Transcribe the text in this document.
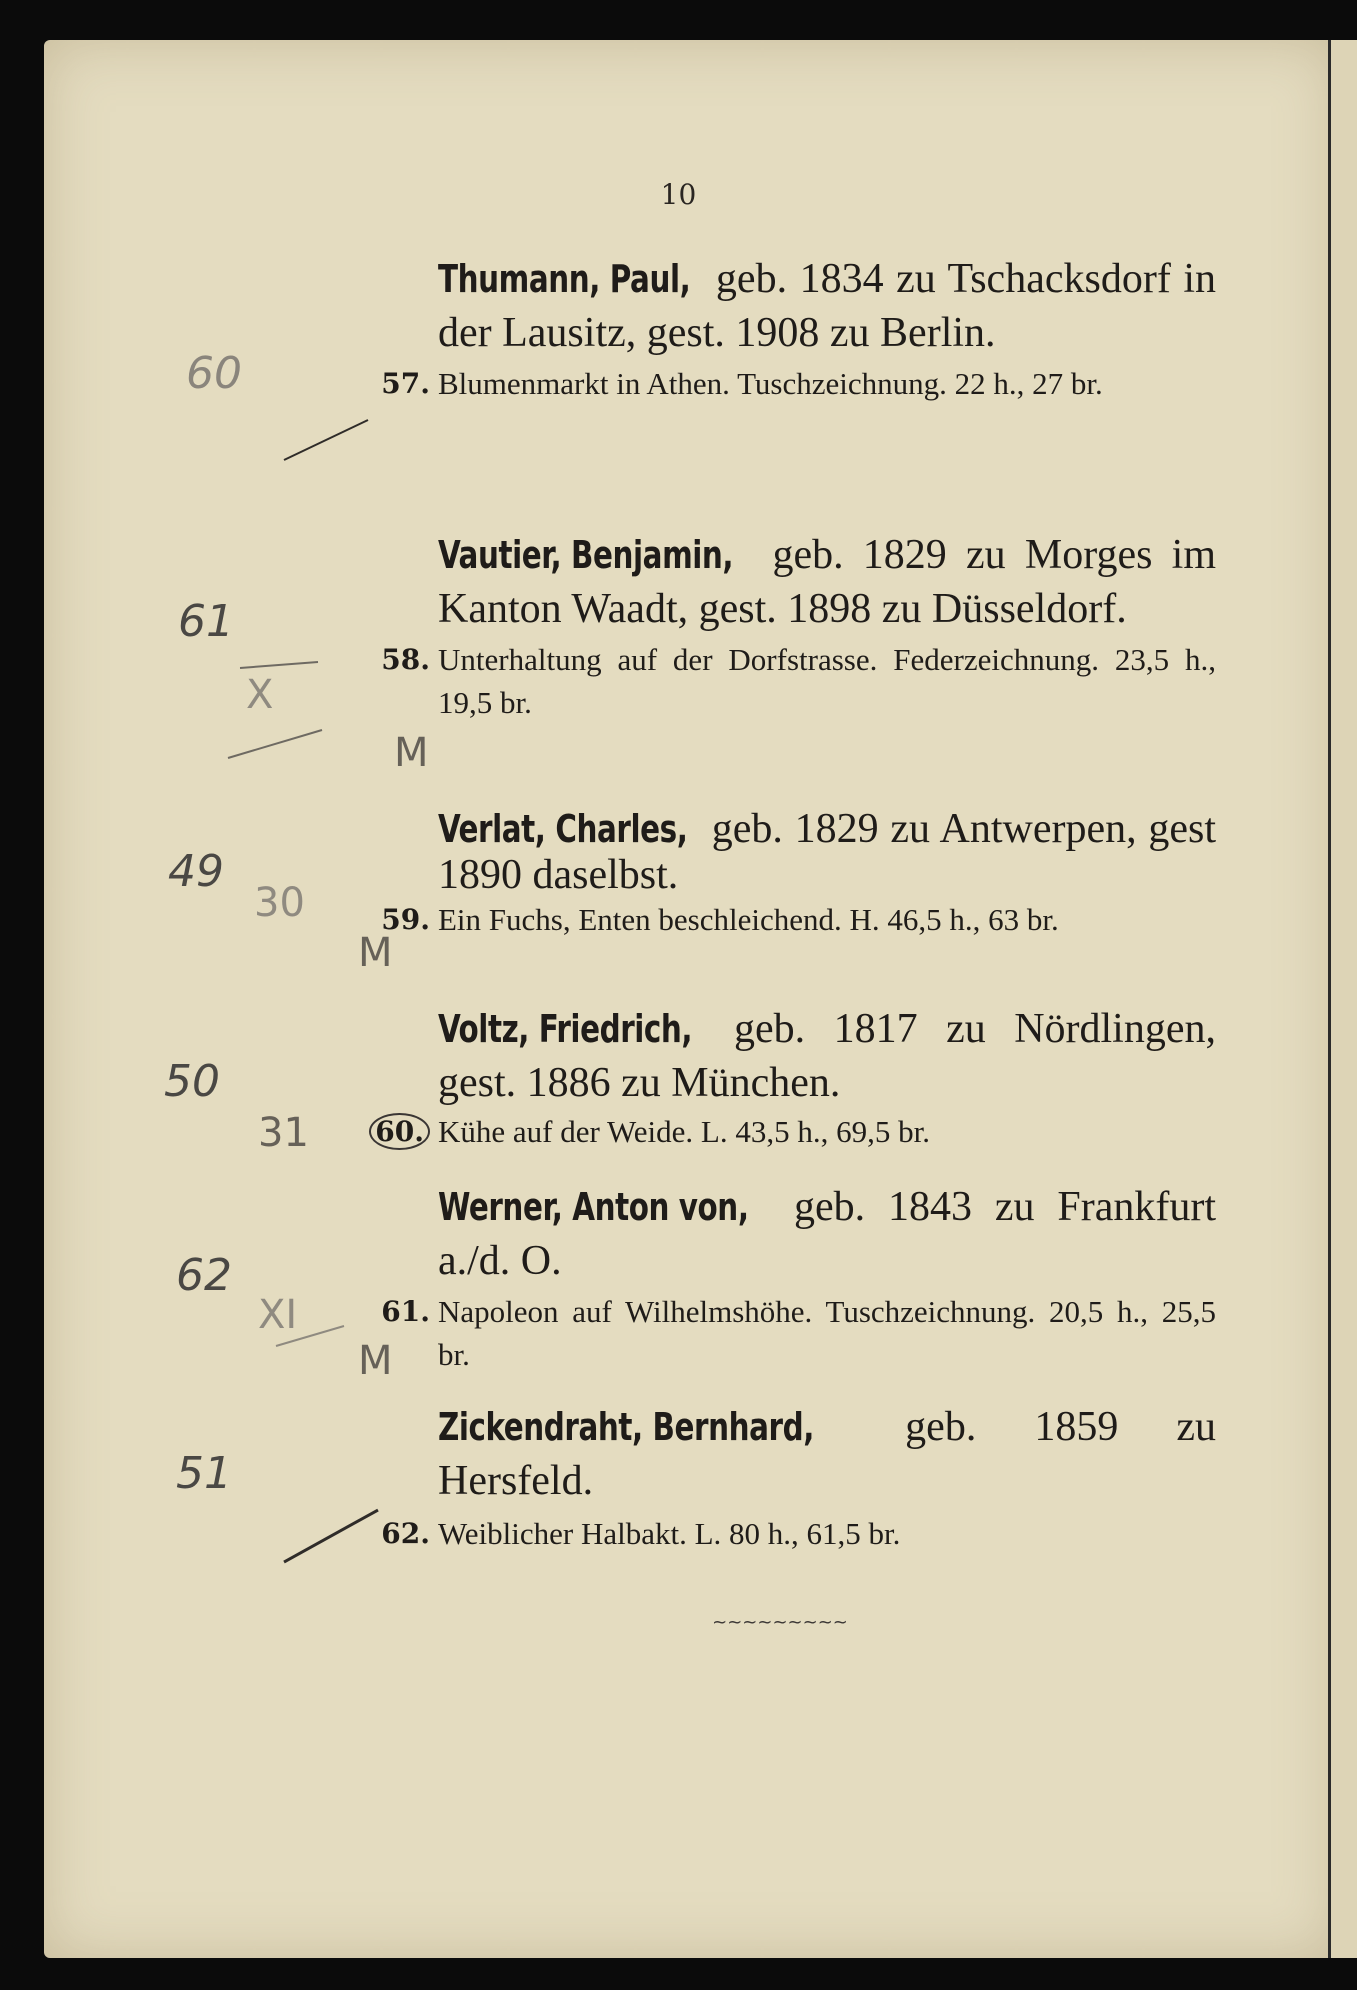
10
Thumann, Paul, geb. 1834 zu Tschacksdorf in der Lausitz, gest. 1908 zu Berlin.
57. Blumenmarkt in Athen. Tuschzeichnung. 22 h., 27 br.
Vautier, Benjamin, geb. 1829 zu Morges im Kanton Waadt, gest. 1898 zu Düsseldorf.
58. Unterhaltung auf der Dorfstrasse. Federzeichnung. 23,5 h., 19,5 br.
Verlat, Charles, geb. 1829 zu Antwerpen, gest 1890 daselbst.
59. Ein Fuchs, Enten beschleichend. H. 46,5 h., 63 br.
Voltz, Friedrich, geb. 1817 zu Nördlingen, gest. 1886 zu München.
60. Kühe auf der Weide. L. 43,5 h., 69,5 br.
Werner, Anton von, geb. 1843 zu Frankfurt a./d. O.
61. Napoleon auf Wilhelmshöhe. Tuschzeichnung. 20,5 h., 25,5 br.
Zickendraht, Bernhard, geb. 1859 zu Hersfeld.
62. Weiblicher Halbakt. L. 80 h., 61,5 br.
60
61
X
M
49
30
M
50
31
62
XI
M
51
~~~~~~~~~
